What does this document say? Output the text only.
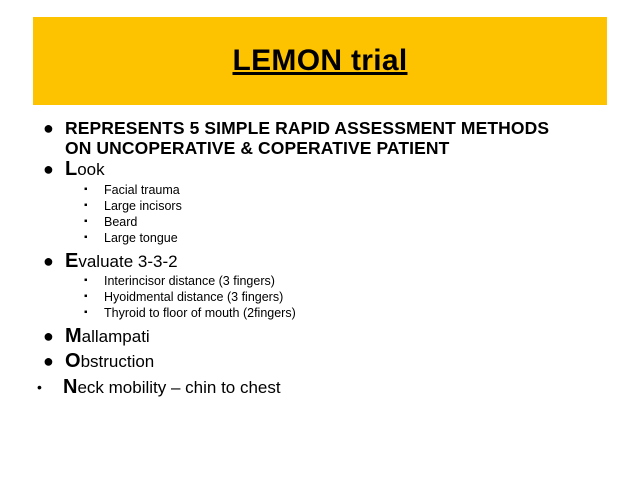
LEMON trial
● REPRESENTS 5 SIMPLE RAPID ASSESSMENT METHODS
ON UNCOPERATIVE & COPERATIVE PATIENT
● Look
▪	Facial trauma
▪	Large incisors
▪	Beard
▪	Large tongue
● Evaluate 3-3-2
▪	Interincisor distance (3 fingers)
▪	Hyoidmental distance (3 fingers)
▪	Thyroid to floor of mouth (2fingers)
● Mallampati
● Obstruction
•	Neck mobility – chin to chest
